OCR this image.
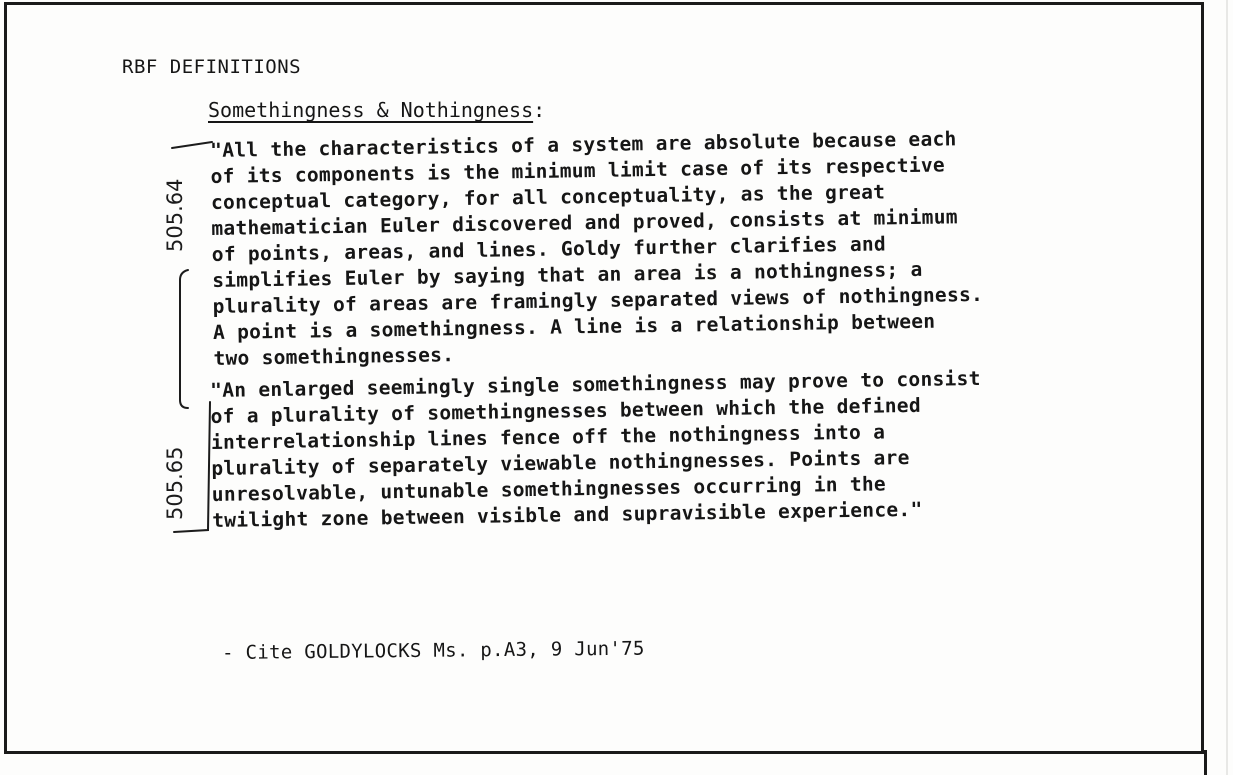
RBF DEFINITIONS
Somethingness & Nothingness:
"All the characteristics of a system are absolute because each
of its components is the minimum limit case of its respective
conceptual category, for all conceptuality, as the great
mathematician Euler discovered and proved, consists at minimum
of points, areas, and lines. Goldy further clarifies and
simplifies Euler by saying that an area is a nothingness; a
plurality of areas are framingly separated views of nothingness.
A point is a somethingness. A line is a relationship between
two somethingnesses.
"An enlarged seemingly single somethingness may prove to consist
of a plurality of somethingnesses between which the defined
interrelationship lines fence off the nothingness into a
plurality of separately viewable nothingnesses. Points are
unresolvable, untunable somethingnesses occurring in the
twilight zone between visible and supravisible experience."
- Cite GOLDYLOCKS Ms. p.A3, 9 Jun'75
505.64
505.65
